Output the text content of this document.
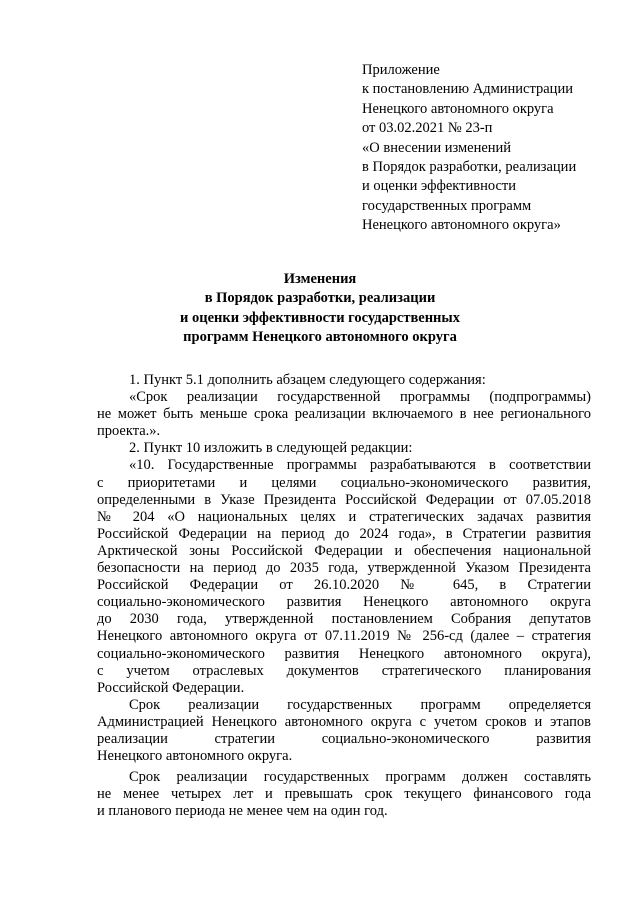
Приложение
к постановлению Администрации
Ненецкого автономного округа
от 03.02.2021 № 23-п
«О внесении изменений
в Порядок разработки, реализации
и оценки эффективности
государственных программ
Ненецкого автономного округа»
Изменения
в Порядок разработки, реализации
и оценки эффективности государственных
программ Ненецкого автономного округа
1. Пункт 5.1 дополнить абзацем следующего содержания:
«Срок реализации государственной программы (подпрограммы)
не может быть меньше срока реализации включаемого в нее регионального
проекта.».
2. Пункт 10 изложить в следующей редакции:
«10. Государственные программы разрабатываются в соответствии
с приоритетами и целями социально-экономического развития,
определенными в Указе Президента Российской Федерации от 07.05.2018
№ 204 «О национальных целях и стратегических задачах развития
Российской Федерации на период до 2024 года», в Стратегии развития
Арктической зоны Российской Федерации и обеспечения национальной
безопасности на период до 2035 года, утвержденной Указом Президента
Российской Федерации от 26.10.2020 № 645, в Стратегии
социально-экономического развития Ненецкого автономного округа
до 2030 года, утвержденной постановлением Собрания депутатов
Ненецкого автономного округа от 07.11.2019 № 256-сд (далее – стратегия
социально-экономического развития Ненецкого автономного округа),
с учетом отраслевых документов стратегического планирования
Российской Федерации.
Срок реализации государственных программ определяется
Администрацией Ненецкого автономного округа с учетом сроков и этапов
реализации стратегии социально-экономического развития
Ненецкого автономного округа.
Срок реализации государственных программ должен составлять
не менее четырех лет и превышать срок текущего финансового года
и планового периода не менее чем на один год.
